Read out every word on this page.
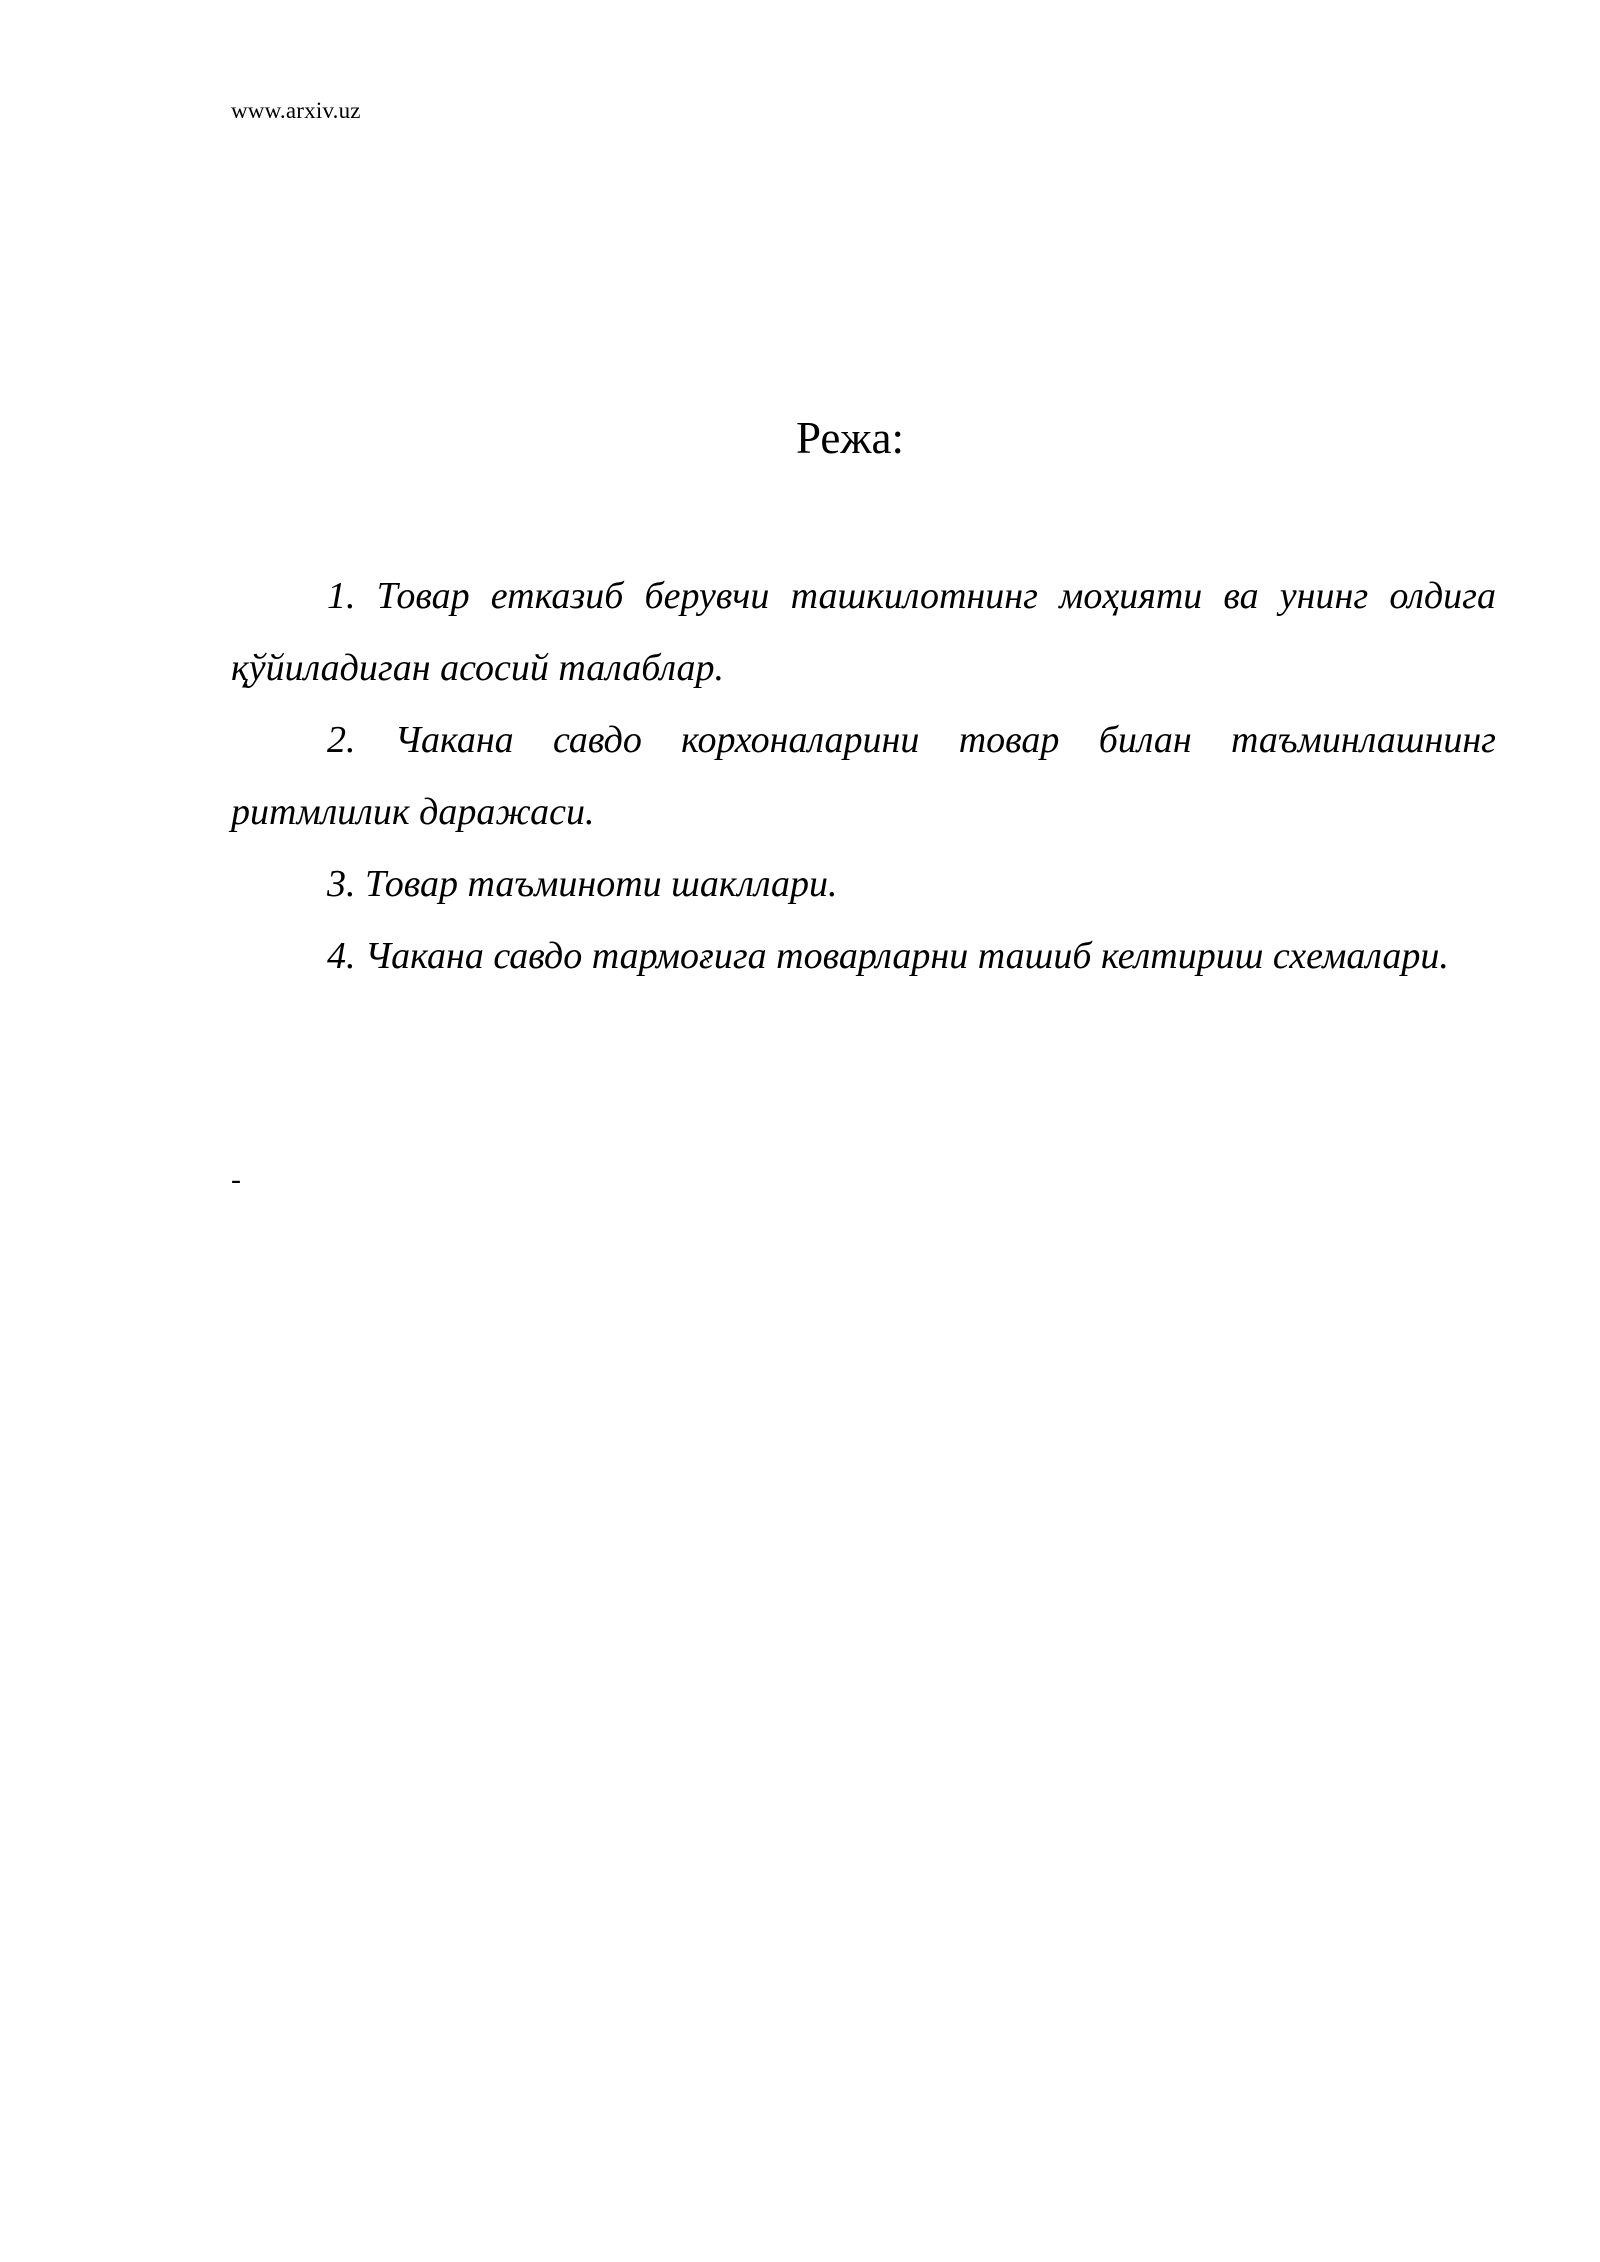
www.arxiv.uz
Режа:

1. Товар етказиб берувчи ташкилотнинг моҳияти ва унинг олдига қўйиладиган асосий талаблар.

2. Чакана савдо корхоналарини товар билан таъминлашнинг ритмлилик даражаси.

3. Товар таъминоти шакллари.

4. Чакана савдо тармоғига товарларни ташиб келтириш схемалари.

-
